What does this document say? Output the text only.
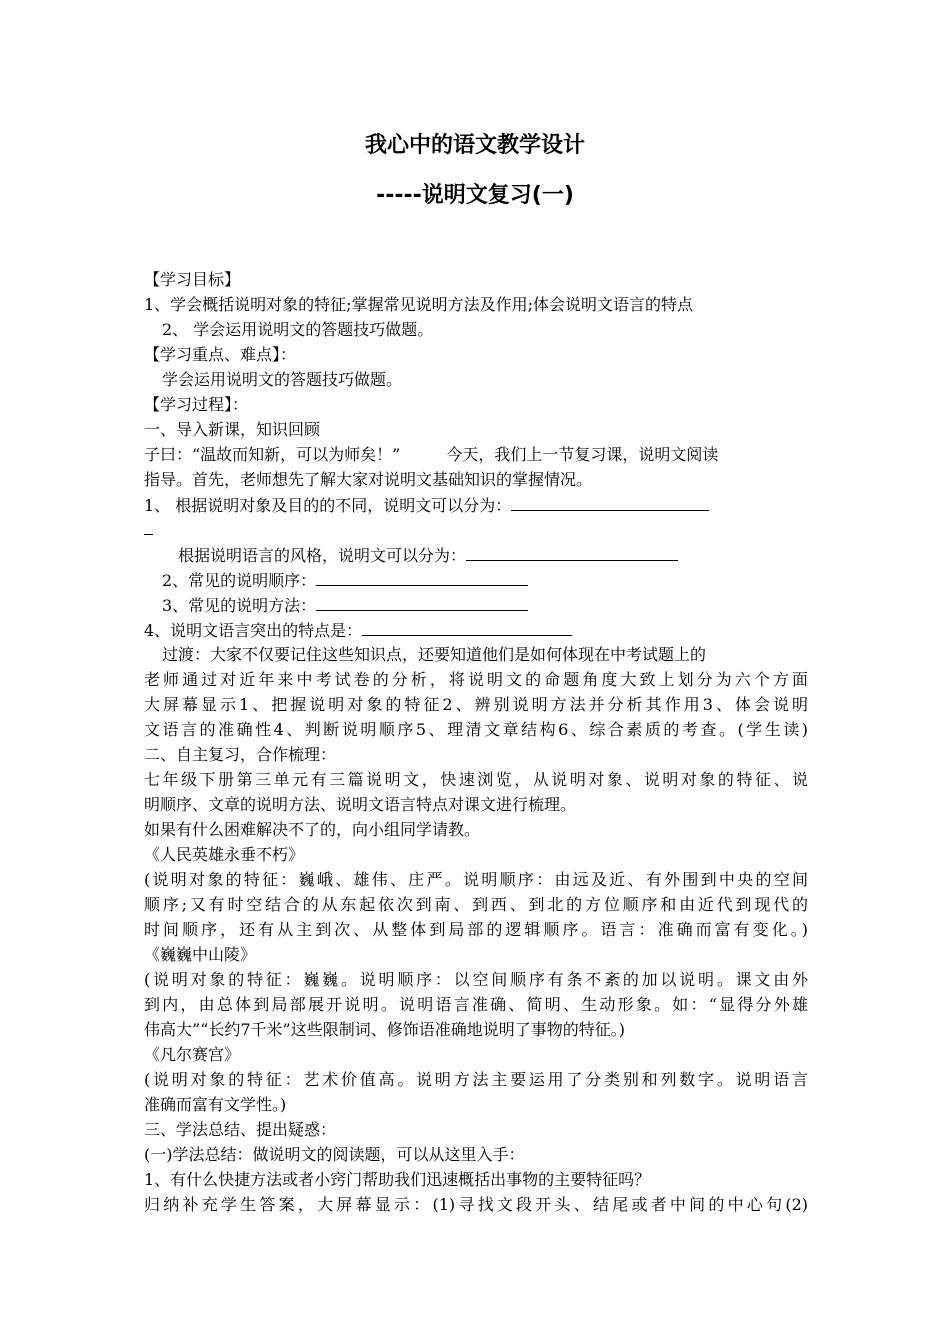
我心中的语文教学设计
-----说明文复习(一)
【学习目标】
1、学会概括说明对象的特征;掌握常见说明方法及作用;体会说明文语言的特点
2、 学会运用说明文的答题技巧做题。
【学习重点、难点】：
学会运用说明文的答题技巧做题。
【学习过程】：
一、导入新课，知识回顾
子曰：“温故而知新，可以为师矣！”	今天，我们上一节复习课，说明文阅读
指导。首先，老师想先了解大家对说明文基础知识的掌握情况。
1、 根据说明对象及目的的不同，说明文可以分为：
根据说明语言的风格，说明文可以分为：
2、常见的说明顺序：
3、常见的说明方法：
4、说明文语言突出的特点是：
过渡：大家不仅要记住这些知识点，还要知道他们是如何体现在中考试题上的
老师通过对近年来中考试卷的分析，将说明文的命题角度大致上划分为六个方面
大屏幕显示1、把握说明对象的特征2、辨别说明方法并分析其作用3、体会说明
文语言的准确性4、判断说明顺序5、理清文章结构6、综合素质的考查。(学生读)
二、自主复习，合作梳理：
七年级下册第三单元有三篇说明文，快速浏览，从说明对象、说明对象的特征、说
明顺序、文章的说明方法、说明文语言特点对课文进行梳理。
如果有什么困难解决不了的，向小组同学请教。
《人民英雄永垂不朽》
(说明对象的特征：巍峨、雄伟、庄严。说明顺序：由远及近、有外围到中央的空间
顺序;又有时空结合的从东起依次到南、到西、到北的方位顺序和由近代到现代的
时间顺序，还有从主到次、从整体到局部的逻辑顺序。语言：准确而富有变化。)
《巍巍中山陵》
(说明对象的特征：巍巍。说明顺序：以空间顺序有条不紊的加以说明。课文由外
到内，由总体到局部展开说明。说明语言准确、简明、生动形象。如：“显得分外雄
伟高大”“长约7千米”这些限制词、修饰语准确地说明了事物的特征。)
《凡尔赛宫》
(说明对象的特征：艺术价值高。说明方法主要运用了分类别和列数字。说明语言
准确而富有文学性。)
三、学法总结、提出疑惑：
(一)学法总结：做说明文的阅读题，可以从这里入手：
1、有什么快捷方法或者小窍门帮助我们迅速概括出事物的主要特征吗？
归纳补充学生答案，大屏幕显示：(1)寻找文段开头、结尾或者中间的中心句(2)
